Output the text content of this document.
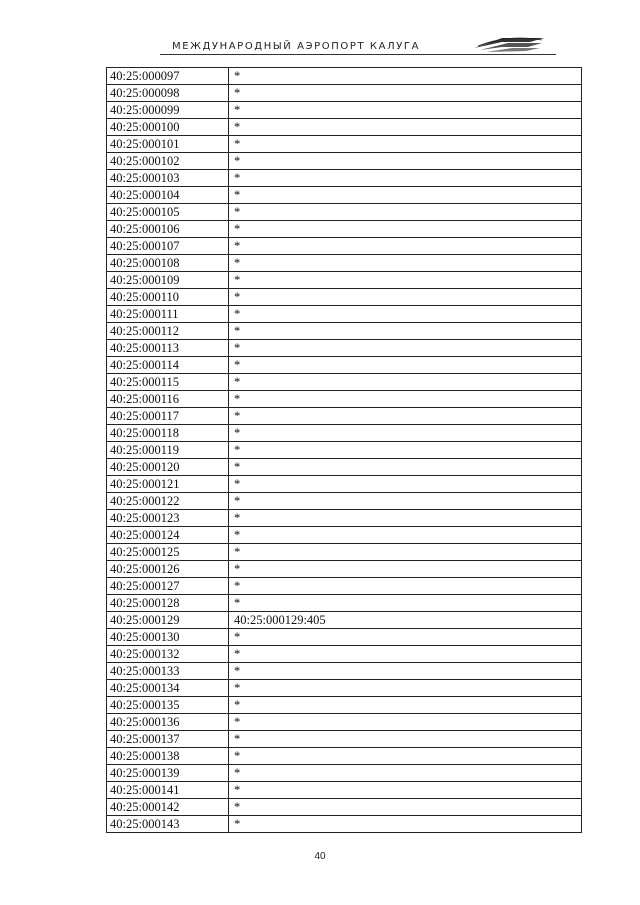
МЕЖДУНАРОДНЫЙ АЭРОПОРТ КАЛУГА
40:25:000097	*
40:25:000098	*
40:25:000099	*
40:25:000100	*
40:25:000101	*
40:25:000102	*
40:25:000103	*
40:25:000104	*
40:25:000105	*
40:25:000106	*
40:25:000107	*
40:25:000108	*
40:25:000109	*
40:25:000110	*
40:25:000111	*
40:25:000112	*
40:25:000113	*
40:25:000114	*
40:25:000115	*
40:25:000116	*
40:25:000117	*
40:25:000118	*
40:25:000119	*
40:25:000120	*
40:25:000121	*
40:25:000122	*
40:25:000123	*
40:25:000124	*
40:25:000125	*
40:25:000126	*
40:25:000127	*
40:25:000128	*
40:25:000129	40:25:000129:405
40:25:000130	*
40:25:000132	*
40:25:000133	*
40:25:000134	*
40:25:000135	*
40:25:000136	*
40:25:000137	*
40:25:000138	*
40:25:000139	*
40:25:000141	*
40:25:000142	*
40:25:000143	*
40
